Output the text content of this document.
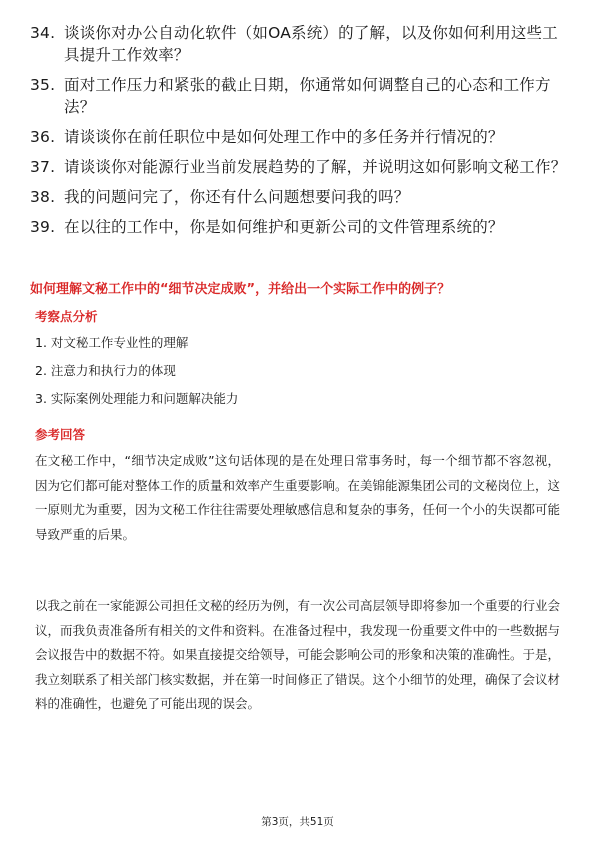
34. 谈谈你对办公自动化软件（如OA系统）的了解，以及你如何利用这些工具提升工作效率？
35. 面对工作压力和紧张的截止日期，你通常如何调整自己的心态和工作方法？
36. 请谈谈你在前任职位中是如何处理工作中的多任务并行情况的？
37. 请谈谈你对能源行业当前发展趋势的了解，并说明这如何影响文秘工作？
38. 我的问题问完了，你还有什么问题想要问我的吗？
39. 在以往的工作中，你是如何维护和更新公司的文件管理系统的？
如何理解文秘工作中的“细节决定成败”，并给出一个实际工作中的例子？
考察点分析
1. 对文秘工作专业性的理解
2. 注意力和执行力的体现
3. 实际案例处理能力和问题解决能力
参考回答

在文秘工作中，“细节决定成败”这句话体现的是在处理日常事务时，每一个细节都不容忽视，因为它们都可能对整体工作的质量和效率产生重要影响。在美锦能源集团公司的文秘岗位上，这一原则尤为重要，因为文秘工作往往需要处理敏感信息和复杂的事务，任何一个小的失误都可能导致严重的后果。

以我之前在一家能源公司担任文秘的经历为例，有一次公司高层领导即将参加一个重要的行业会议，而我负责准备所有相关的文件和资料。在准备过程中，我发现一份重要文件中的一些数据与会议报告中的数据不符。如果直接提交给领导，可能会影响公司的形象和决策的准确性。于是，我立刻联系了相关部门核实数据，并在第一时间修正了错误。这个小细节的处理，确保了会议材料的准确性，也避免了可能出现的误会。

第3页，共51页
